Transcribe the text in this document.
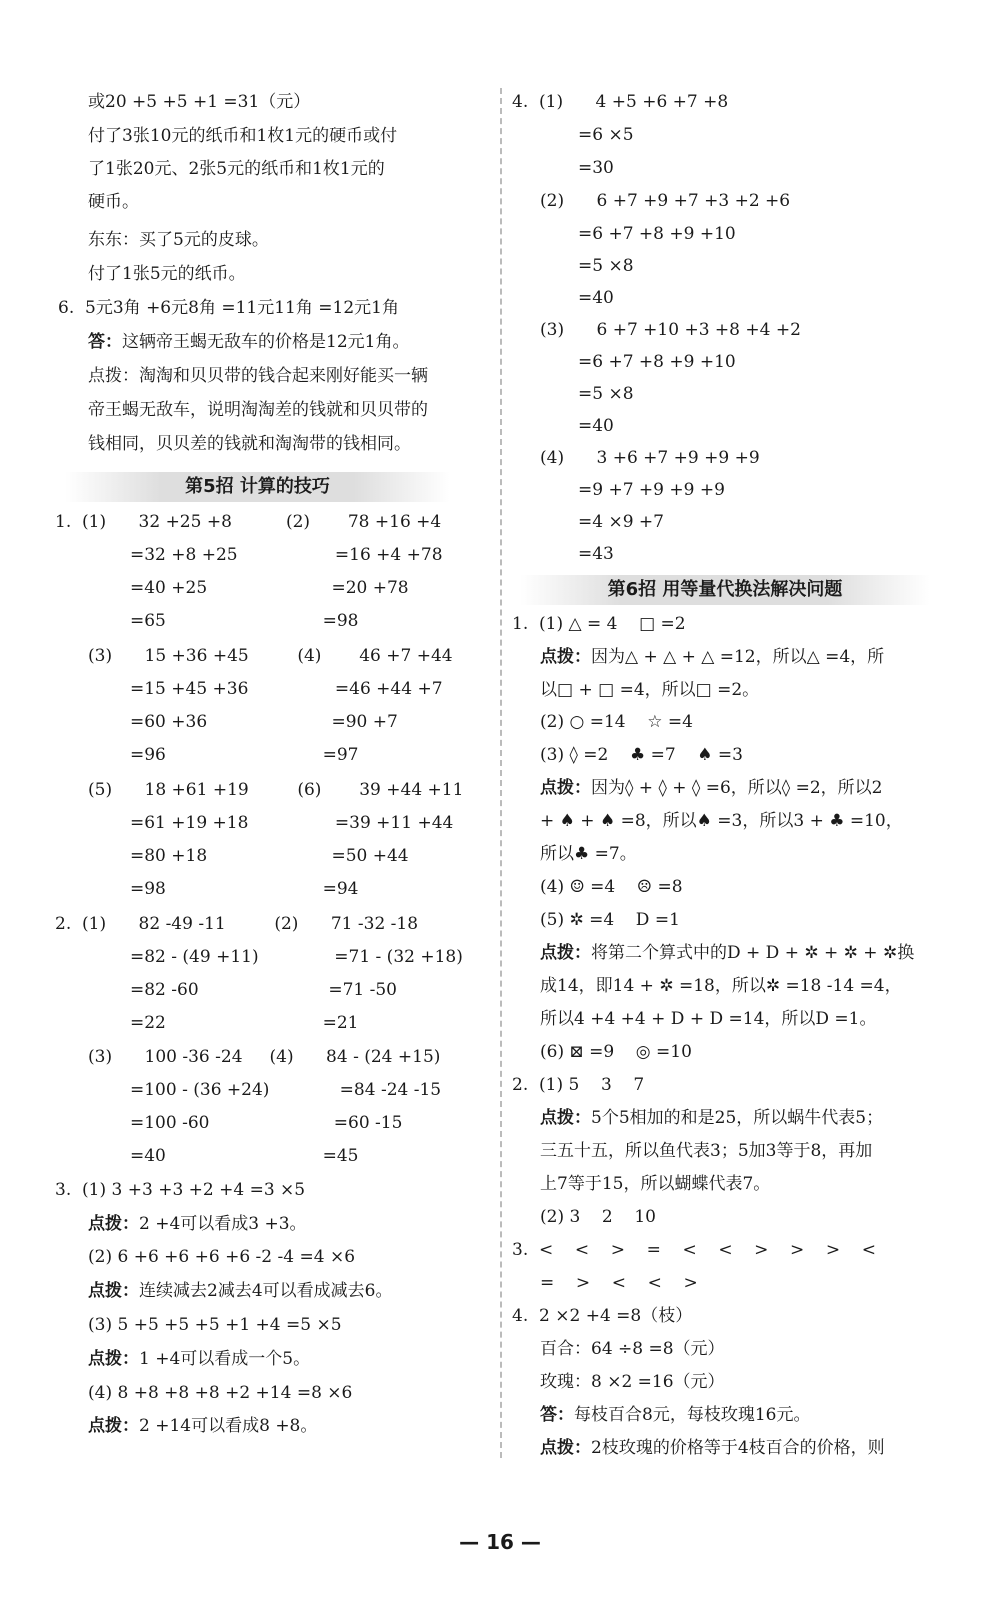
或20 +5 +5 +1 =31（元）
付了3张10元的纸币和1枚1元的硬币或付
了1张20元、2张5元的纸币和1枚1元的
硬币。
东东：买了5元的皮球。
付了1张5元的纸币。
6.  5元3角 +6元8角 =11元11角 =12元1角
答：这辆帝王蝎无敌车的价格是12元1角。
点拨：淘淘和贝贝带的钱合起来刚好能买一辆
帝王蝎无敌车，说明淘淘差的钱就和贝贝带的
钱相同，贝贝差的钱就和淘淘带的钱相同。
1.  (1)      32 +25 +8          (2)       78 +16 +4
=32 +8 +25                  =16 +4 +78
=40 +25                       =20 +78
=65                             =98
(3)      15 +36 +45         (4)       46 +7 +44
=15 +45 +36                =46 +44 +7
=60 +36                       =90 +7
=96                             =97
(5)      18 +61 +19         (6)       39 +44 +11
=61 +19 +18                =39 +11 +44
=80 +18                       =50 +44
=98                             =94
2.  (1)      82 -49 -11         (2)      71 -32 -18
=82 - (49 +11)              =71 - (32 +18)
=82 -60                        =71 -50
=22                             =21
(3)      100 -36 -24     (4)      84 - (24 +15)
=100 - (36 +24)             =84 -24 -15
=100 -60                       =60 -15
=40                             =45
3.  (1) 3 +3 +3 +2 +4 =3 ×5
点拨：2 +4可以看成3 +3。
(2) 6 +6 +6 +6 +6 -2 -4 =4 ×6
点拨：连续减去2减去4可以看成减去6。
(3) 5 +5 +5 +5 +1 +4 =5 ×5
点拨：1 +4可以看成一个5。
(4) 8 +8 +8 +8 +2 +14 =8 ×6
点拨：2 +14可以看成8 +8。
4.  (1)      4 +5 +6 +7 +8
=6 ×5
=30
(2)      6 +7 +9 +7 +3 +2 +6
=6 +7 +8 +9 +10
=5 ×8
=40
(3)      6 +7 +10 +3 +8 +4 +2
=6 +7 +8 +9 +10
=5 ×8
=40
(4)      3 +6 +7 +9 +9 +9
=9 +7 +9 +9 +9
=4 ×9 +7
=43
1.  (1) △ = 4    □ =2
点拨：因为△ + △ + △ =12，所以△ =4，所
以□ + □ =4，所以□ =2。
(2) ○ =14    ☆ =4
(3) ◊ =2    ♣ =7    ♠ =3
点拨：因为◊ + ◊ + ◊ =6，所以◊ =2，所以2
+ ♠ + ♠ =8，所以♠ =3，所以3 + ♣ =10，
所以♣ =7。
(4) ☺ =4    ☹ =8
(5) ✲ =4    D =1
点拨：将第二个算式中的D + D + ✲ + ✲ + ✲换
成14，即14 + ✲ =18，所以✲ =18 -14 =4，
所以4 +4 +4 + D + D =14，所以D =1。
(6) ⊠ =9    ◎ =10
2.  (1) 5    3    7
点拨：5个5相加的和是25，所以蜗牛代表5；
三五十五，所以鱼代表3；5加3等于8，再加
上7等于15，所以蝴蝶代表7。
(2) 3    2    10
3.  <    <    >    =    <    <    >    >    >    <
=    >    <    <    >
4.  2 ×2 +4 =8（枝）
百合：64 ÷8 =8（元）
玫瑰：8 ×2 =16（元）
答：每枝百合8元，每枝玫瑰16元。
点拨：2枝玫瑰的价格等于4枝百合的价格，则
第5招 计算的技巧
第6招 用等量代换法解决问题
— 16 —
